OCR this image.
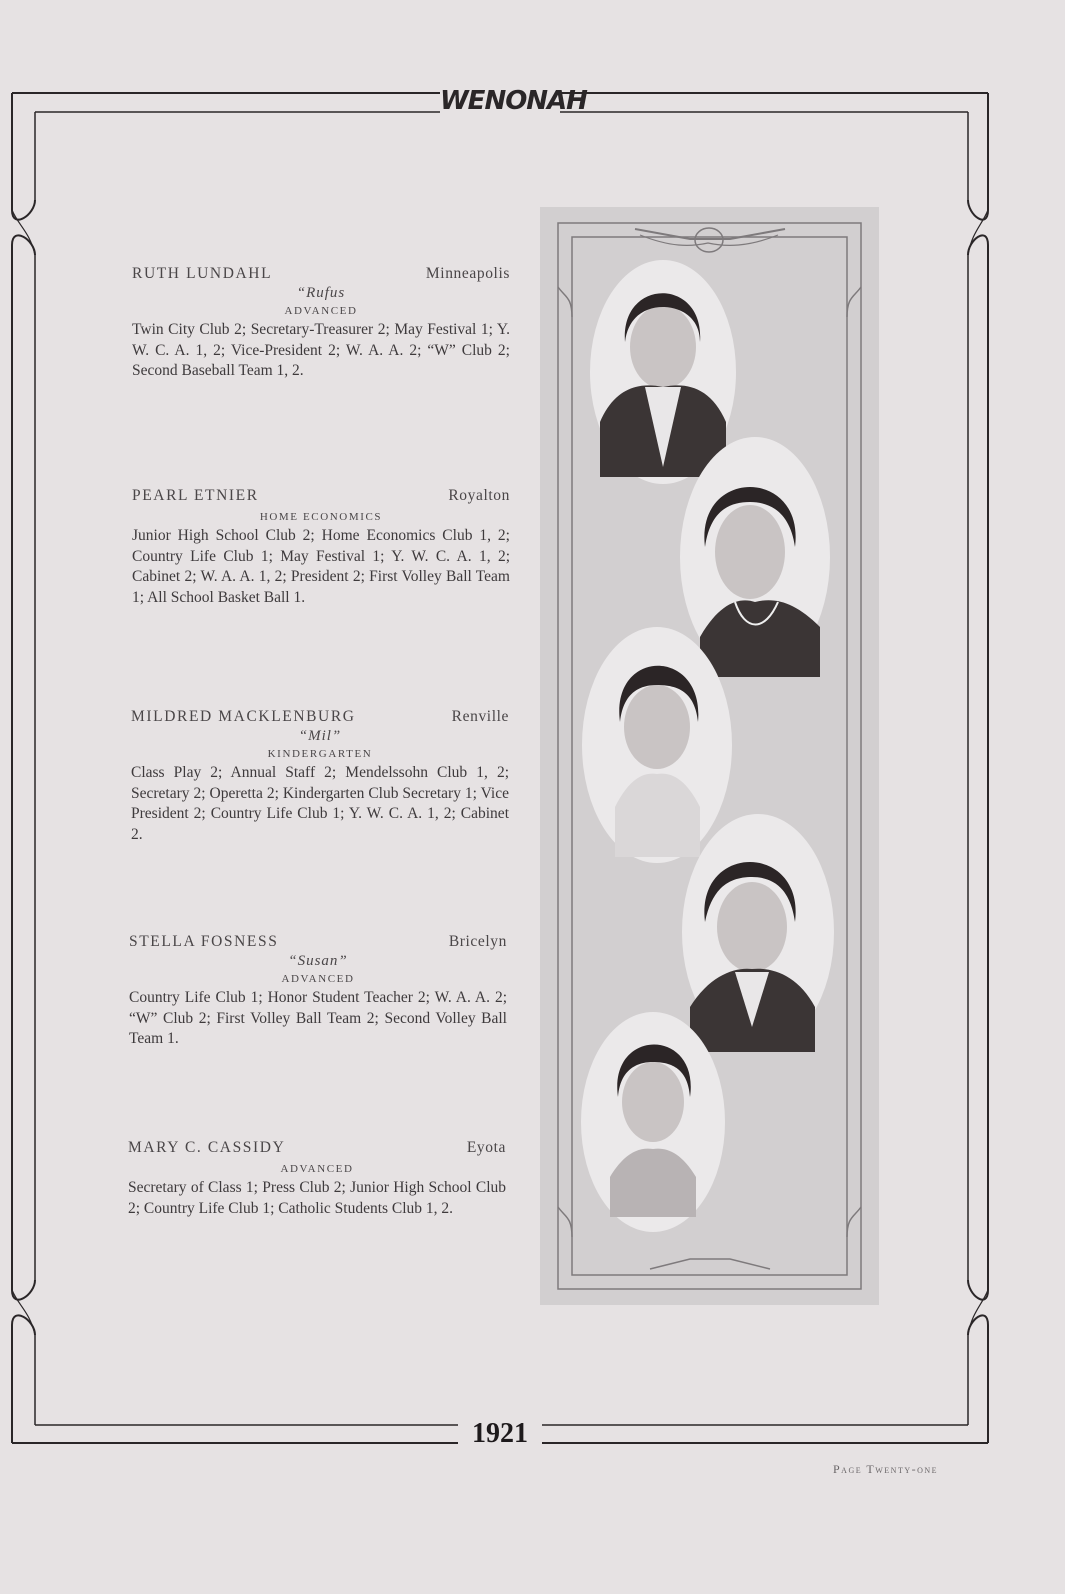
WENONAH
RUTH LUNDAHL	Minneapolis
“Rufus
ADVANCED
Twin City Club 2; Secretary-Treasurer 2; May Festival 1; Y. W. C. A. 1, 2; Vice-President 2; W. A. A. 2; “W” Club 2; Second Baseball Team 1, 2.
PEARL ETNIER	Royalton
HOME ECONOMICS
Junior High School Club 2; Home Economics Club 1, 2; Country Life Club 1; May Festival 1; Y. W. C. A. 1, 2; Cabinet 2; W. A. A. 1, 2; President 2; First Volley Ball Team 1; All School Basket Ball 1.
MILDRED MACKLENBURG	Renville
“Mil”
KINDERGARTEN
Class Play 2; Annual Staff 2; Mendelssohn Club 1, 2; Secretary 2; Operetta 2; Kindergarten Club Secretary 1; Vice President 2; Country Life Club 1; Y. W. C. A. 1, 2; Cabinet 2.
STELLA FOSNESS	Bricelyn
“Susan”
ADVANCED
Country Life Club 1; Honor Student Teacher 2; W. A. A. 2; “W” Club 2; First Volley Ball Team 2; Second Volley Ball Team 1.
MARY C. CASSIDY	Eyota
ADVANCED
Secretary of Class 1; Press Club 2; Junior High School Club 2; Country Life Club 1; Catholic Students Club 1, 2.
1921
Page Twenty-one
